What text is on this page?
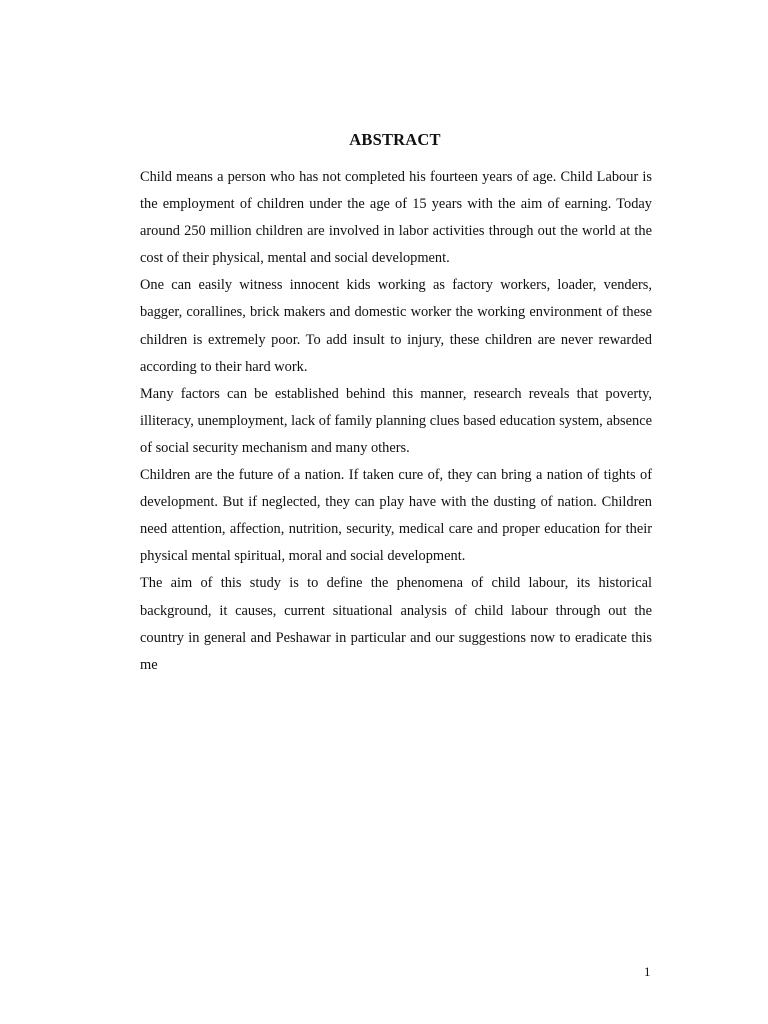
ABSTRACT

Child means a person who has not completed his fourteen years of age. Child Labour is the employment of children under the age of 15 years with the aim of earning. Today around 250 million children are involved in labor activities through out the world at the cost of their physical, mental and social development.

One can easily witness innocent kids working as factory workers, loader, venders, bagger, corallines, brick makers and domestic worker the working environment of these children is extremely poor. To add insult to injury, these children are never rewarded according to their hard work.

Many factors can be established behind this manner, research reveals that poverty, illiteracy, unemployment, lack of family planning clues based education system, absence of social security mechanism and many others.

Children are the future of a nation. If taken cure of, they can bring a nation of tights of development. But if neglected, they can play have with the dusting of nation. Children need attention, affection, nutrition, security, medical care and proper education for their physical mental spiritual, moral and social development.

The aim of this study is to define the phenomena of child labour, its historical background, it causes, current situational analysis of child labour through out the country in general and Peshawar in particular and our suggestions now to eradicate this me

1
